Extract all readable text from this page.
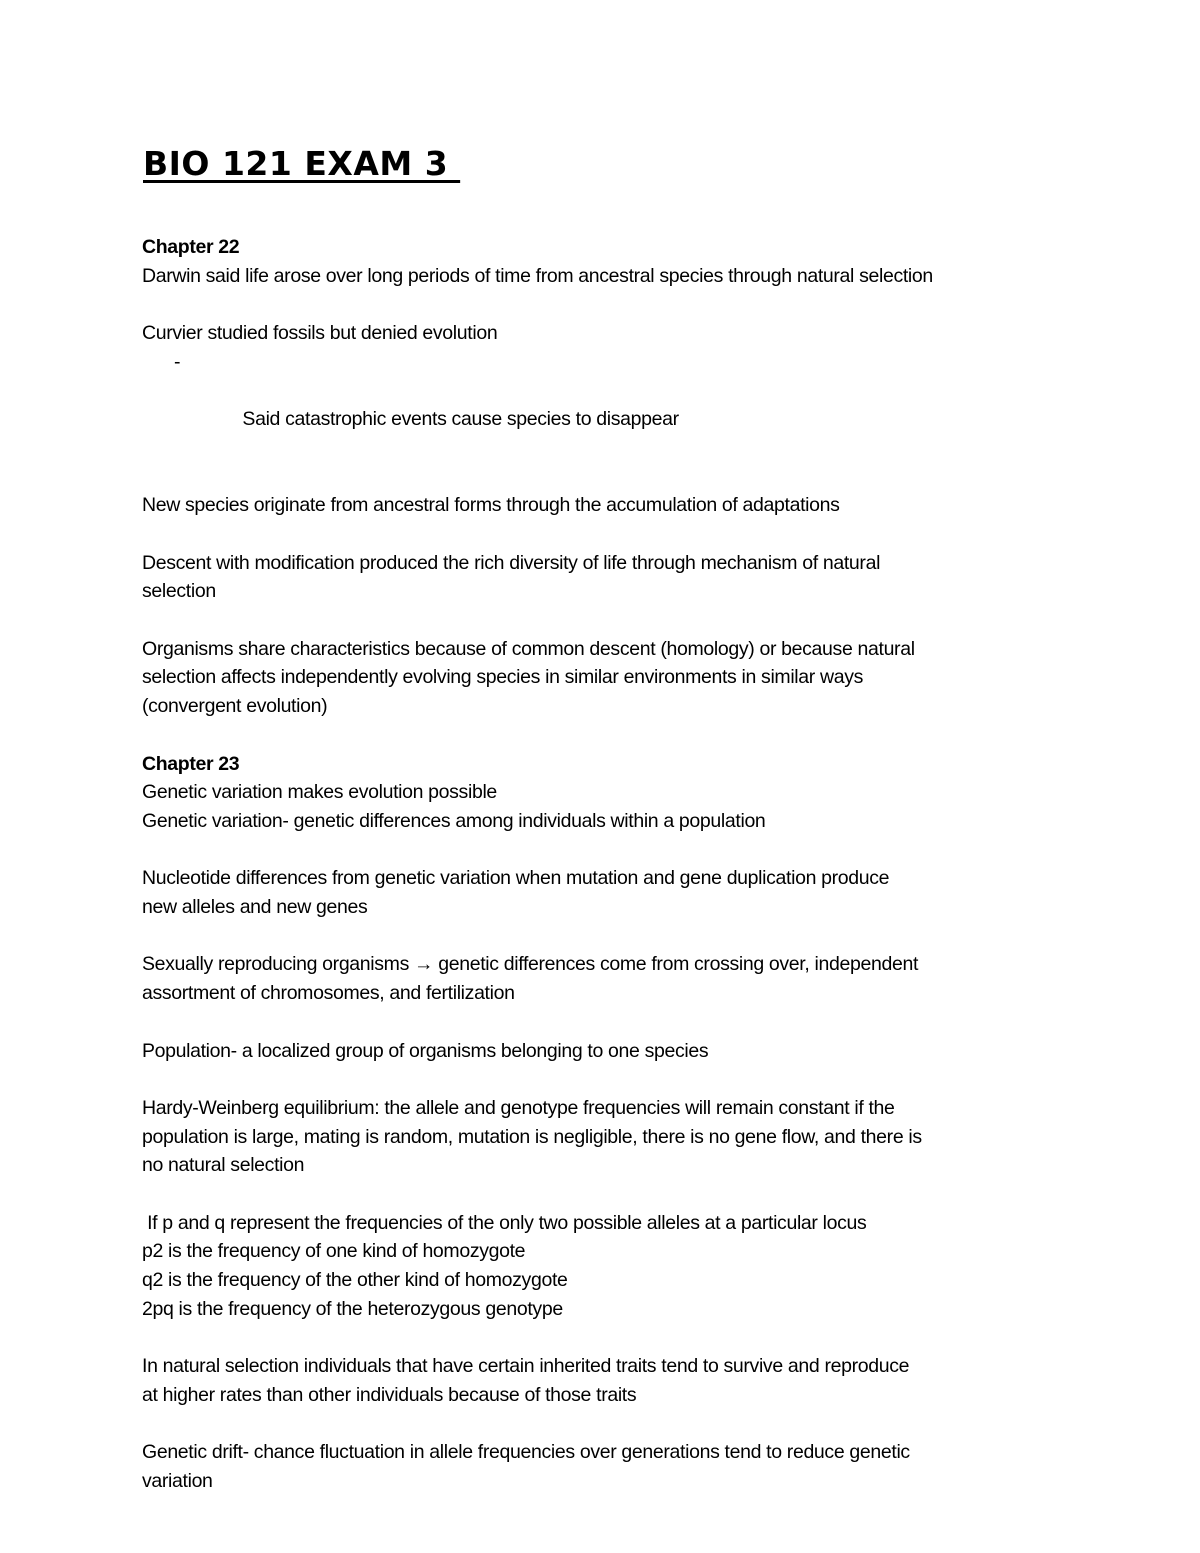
BIO 121 EXAM 3
Chapter 22
Darwin said life arose over long periods of time from ancestral species through natural selection
Curvier studied fossils but denied evolution

-

Said catastrophic events cause species to disappear

New species originate from ancestral forms through the accumulation of adaptations
Descent with modification produced the rich diversity of life through mechanism of natural
selection
Organisms share characteristics because of common descent (homology) or because natural
selection affects independently evolving species in similar environments in similar ways
(convergent evolution)
Chapter 23
Genetic variation makes evolution possible
Genetic variation- genetic differences among individuals within a population
Nucleotide differences from genetic variation when mutation and gene duplication produce
new alleles and new genes
Sexually reproducing organisms → genetic differences come from crossing over, independent
assortment of chromosomes, and fertilization
Population- a localized group of organisms belonging to one species
Hardy-Weinberg equilibrium: the allele and genotype frequencies will remain constant if the
population is large, mating is random, mutation is negligible, there is no gene flow, and there is
no natural selection
If p and q represent the frequencies of the only two possible alleles at a particular locus
p2 is the frequency of one kind of homozygote
q2 is the frequency of the other kind of homozygote
2pq is the frequency of the heterozygous genotype
In natural selection individuals that have certain inherited traits tend to survive and reproduce
at higher rates than other individuals because of those traits
Genetic drift- chance fluctuation in allele frequencies over generations tend to reduce genetic
variation
